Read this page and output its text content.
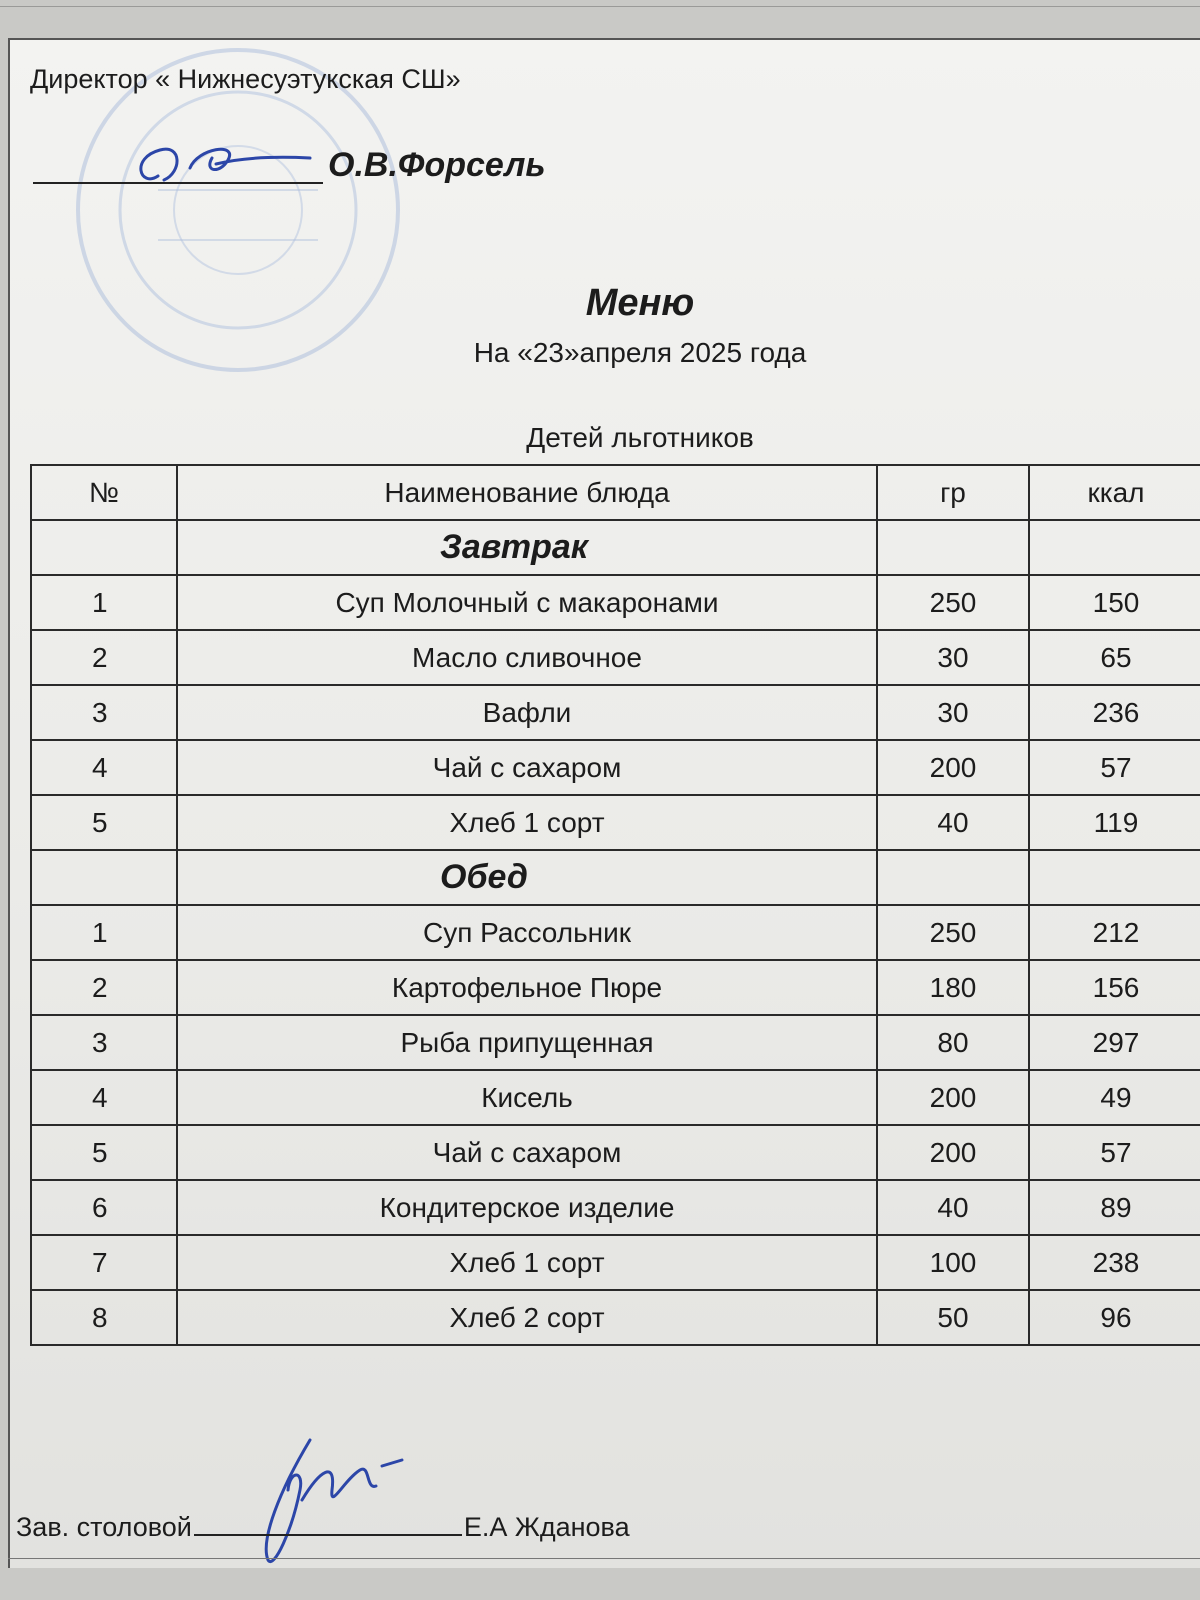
Директор « Нижнесуэтукская СШ»
О.В.Форсель
Меню
На «23»апреля 2025 года
Детей льготников
№	Наименование блюда	гр	ккал
	Завтрак		
1	Суп Молочный с макаронами	250	150
2	Масло сливочное	30	65
3	Вафли	30	236
4	Чай с сахаром	200	57
5	Хлеб 1 сорт	40	119
	Обед		
1	Суп Рассольник	250	212
2	Картофельное Пюре	180	156
3	Рыба припущенная	80	297
4	Кисель	200	49
5	Чай с сахаром	200	57
6	Кондитерское изделие	40	89
7	Хлеб 1 сорт	100	238
8	Хлеб 2 сорт	50	96
Зав. столовой	Е.А Жданова
